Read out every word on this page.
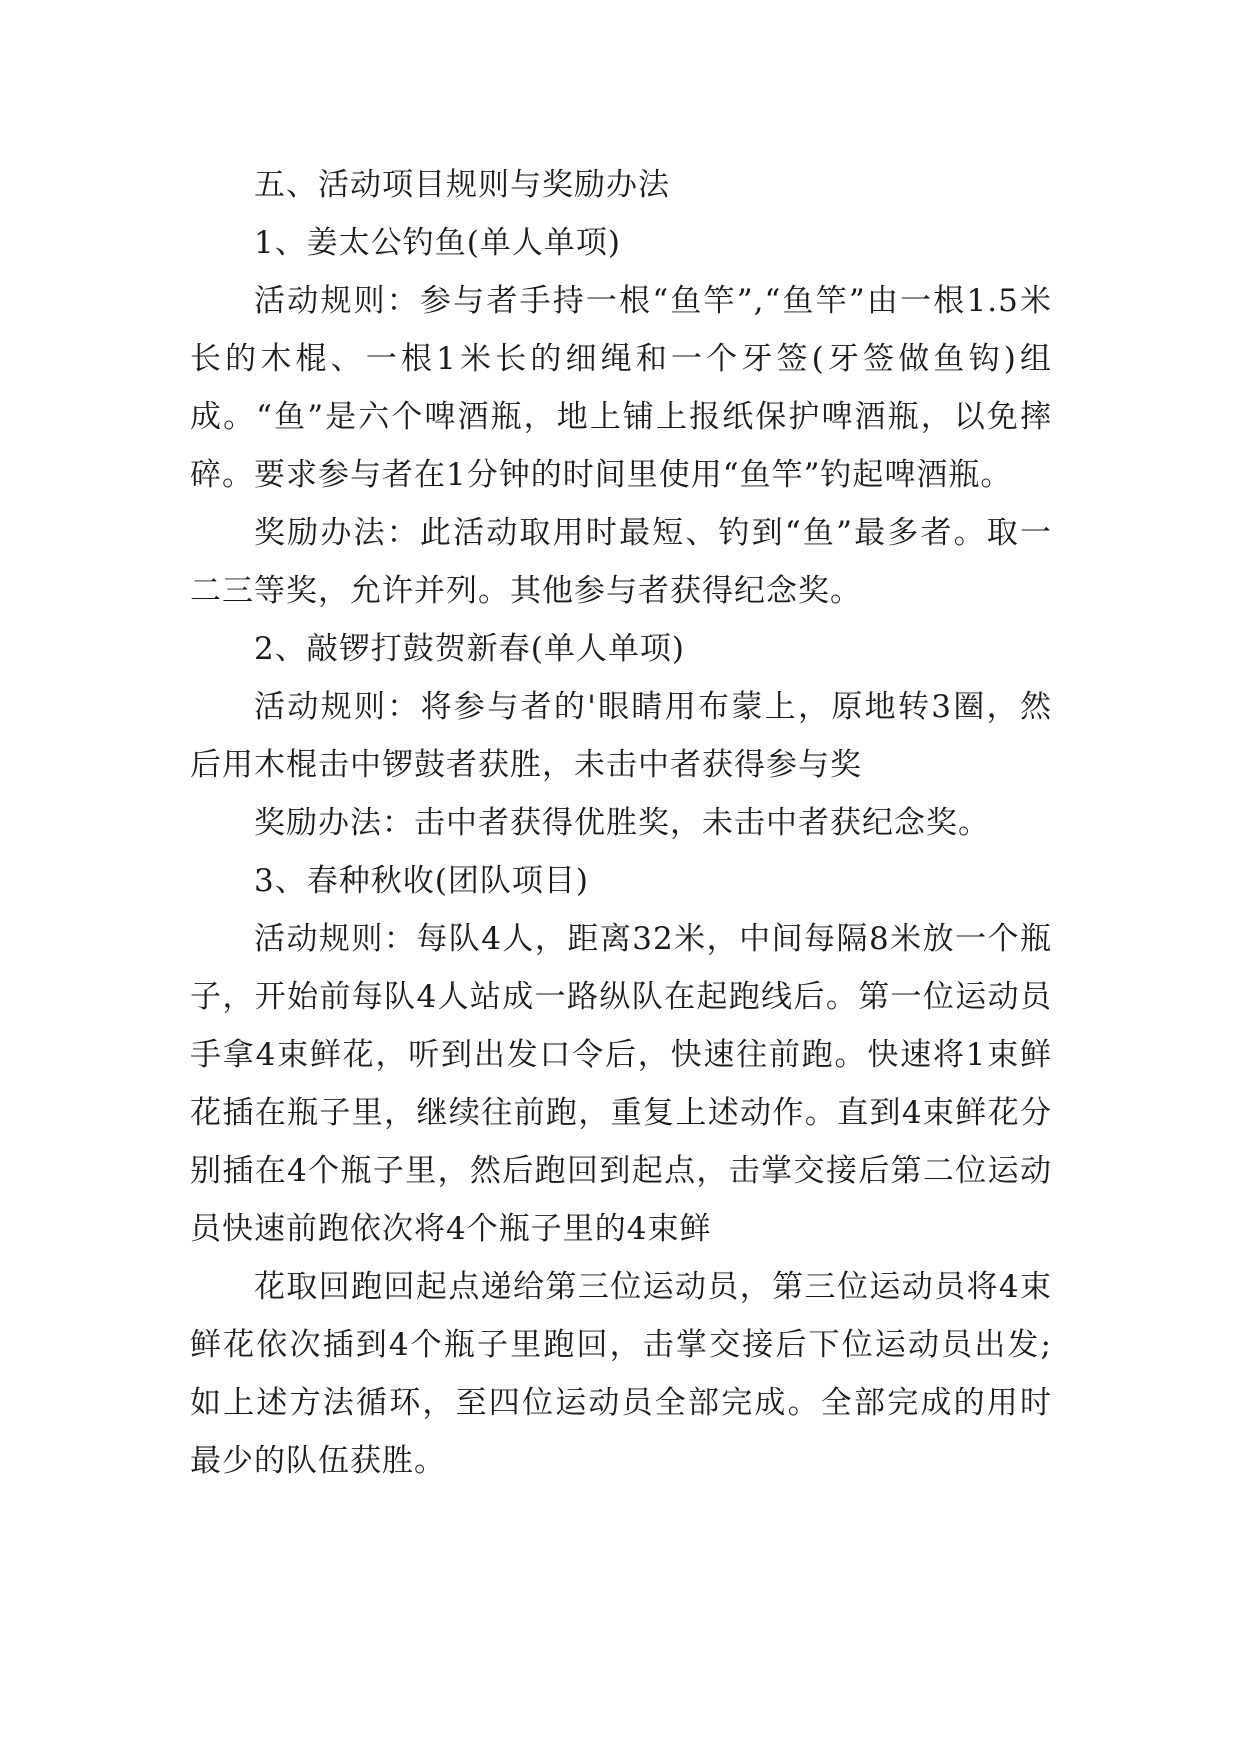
五、活动项目规则与奖励办法

1、姜太公钓鱼(单人单项)

活动规则：参与者手持一根“鱼竿”,“鱼竿”由一根1.5米长的木棍、一根1米长的细绳和一个牙签(牙签做鱼钩)组成。“鱼”是六个啤酒瓶，地上铺上报纸保护啤酒瓶，以免摔碎。要求参与者在1分钟的时间里使用“鱼竿”钓起啤酒瓶。

奖励办法：此活动取用时最短、钓到“鱼”最多者。取一二三等奖，允许并列。其他参与者获得纪念奖。

2、敲锣打鼓贺新春(单人单项)

活动规则：将参与者的'眼睛用布蒙上，原地转3圈，然后用木棍击中锣鼓者获胜，未击中者获得参与奖

奖励办法：击中者获得优胜奖，未击中者获纪念奖。

3、春种秋收(团队项目)

活动规则：每队4人，距离32米，中间每隔8米放一个瓶子，开始前每队4人站成一路纵队在起跑线后。第一位运动员手拿4束鲜花，听到出发口令后，快速往前跑。快速将1束鲜花插在瓶子里，继续往前跑，重复上述动作。直到4束鲜花分别插在4个瓶子里，然后跑回到起点，击掌交接后第二位运动员快速前跑依次将4个瓶子里的4束鲜

花取回跑回起点递给第三位运动员，第三位运动员将4束鲜花依次插到4个瓶子里跑回，击掌交接后下位运动员出发;如上述方法循环，至四位运动员全部完成。全部完成的用时最少的队伍获胜。
